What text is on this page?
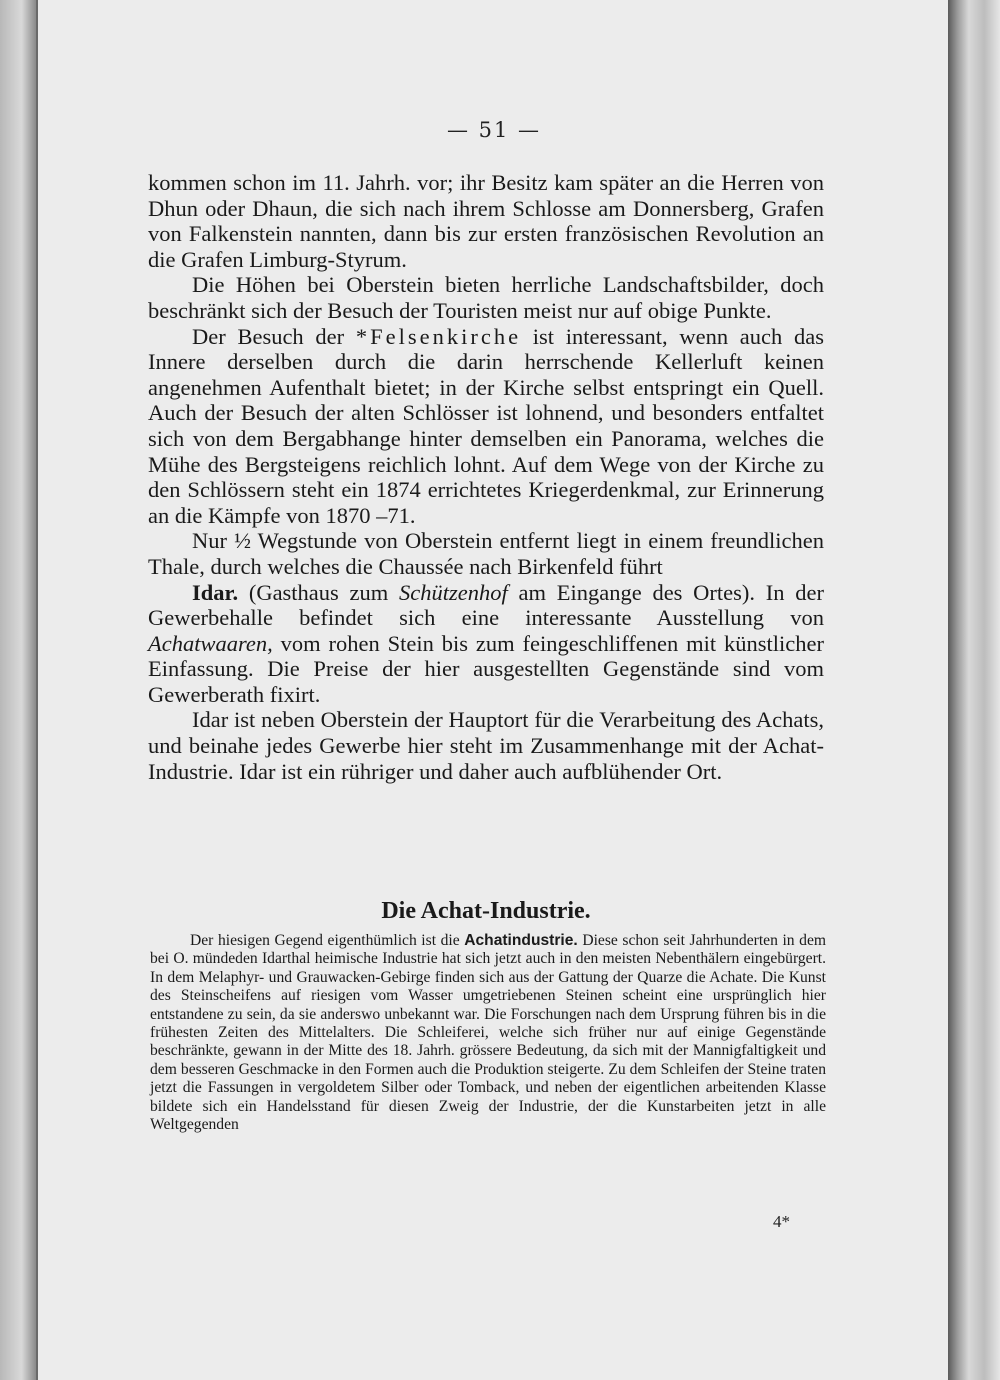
— 51 —

kommen schon im 11. Jahrh. vor; ihr Besitz kam später an die Herren von Dhun oder Dhaun, die sich nach ihrem Schlosse am Donnersberg, Grafen von Falkenstein nannten, dann bis zur ersten französischen Revolution an die Grafen Limburg-Styrum.

Die Höhen bei Oberstein bieten herrliche Landschaftsbilder, doch beschränkt sich der Besuch der Touristen meist nur auf obige Punkte.

Der Besuch der *Felsenkirche ist interessant, wenn auch das Innere derselben durch die darin herrschende Kellerluft keinen angenehmen Aufenthalt bietet; in der Kirche selbst entspringt ein Quell. Auch der Besuch der alten Schlösser ist lohnend, und besonders entfaltet sich von dem Bergabhange hinter demselben ein Panorama, welches die Mühe des Bergsteigens reichlich lohnt. Auf dem Wege von der Kirche zu den Schlössern steht ein 1874 errichtetes Kriegerdenkmal, zur Erinnerung an die Kämpfe von 1870 –71.

Nur ½ Wegstunde von Oberstein entfernt liegt in einem freundlichen Thale, durch welches die Chaussée nach Birkenfeld führt

Idar. (Gasthaus zum Schützenhof am Eingange des Ortes). In der Gewerbehalle befindet sich eine interessante Ausstellung von Achatwaaren, vom rohen Stein bis zum feingeschliffenen mit künstlicher Einfassung. Die Preise der hier ausgestellten Gegenstände sind vom Gewerberath fixirt.

Idar ist neben Oberstein der Hauptort für die Verarbeitung des Achats, und beinahe jedes Gewerbe hier steht im Zusammenhange mit der Achat-Industrie. Idar ist ein rühriger und daher auch aufblühender Ort.

Die Achat-Industrie.

Der hiesigen Gegend eigenthümlich ist die Achatindustrie. Diese schon seit Jahrhunderten in dem bei O. mündeden Idarthal heimische Industrie hat sich jetzt auch in den meisten Nebenthälern eingebürgert. In dem Melaphyr- und Grauwacken-Gebirge finden sich aus der Gattung der Quarze die Achate. Die Kunst des Steinscheifens auf riesigen vom Wasser umgetriebenen Steinen scheint eine ursprünglich hier entstandene zu sein, da sie anderswo unbekannt war. Die Forschungen nach dem Ursprung führen bis in die frühesten Zeiten des Mittelalters. Die Schleiferei, welche sich früher nur auf einige Gegenstände beschränkte, gewann in der Mitte des 18. Jahrh. grössere Bedeutung, da sich mit der Mannigfaltigkeit und dem besseren Geschmacke in den Formen auch die Produktion steigerte. Zu dem Schleifen der Steine traten jetzt die Fassungen in vergoldetem Silber oder Tomback, und neben der eigentlichen arbeitenden Klasse bildete sich ein Handelsstand für diesen Zweig der Industrie, der die Kunstarbeiten jetzt in alle Weltgegenden

4*
